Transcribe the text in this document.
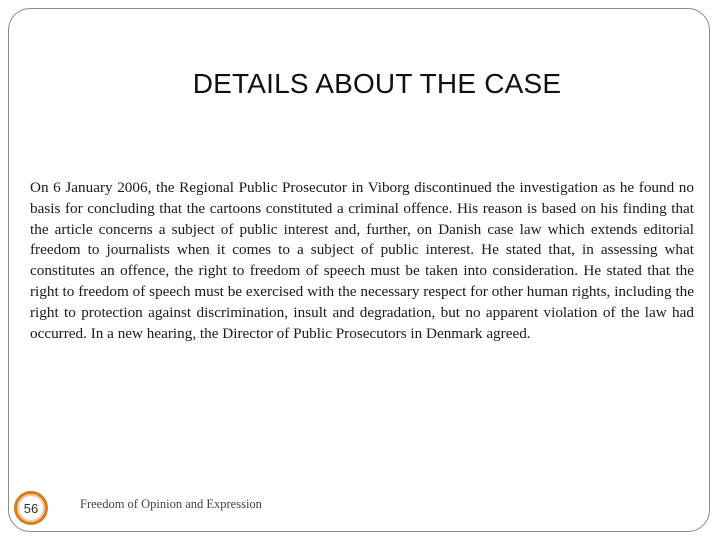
DETAILS ABOUT THE CASE

On 6 January 2006, the Regional Public Prosecutor in Viborg discontinued the investigation as he found no basis for concluding that the cartoons constituted a criminal offence. His reason is based on his finding that the article concerns a subject of public interest and, further, on Danish case law which extends editorial freedom to journalists when it comes to a subject of public interest. He stated that, in assessing what constitutes an offence, the right to freedom of speech must be taken into consideration. He stated that the right to freedom of speech must be exercised with the necessary respect for other human rights, including the right to protection against discrimination, insult and degradation, but no apparent violation of the law had occurred. In a new hearing, the Director of Public Prosecutors in Denmark agreed.

56	Freedom of Opinion and Expression
